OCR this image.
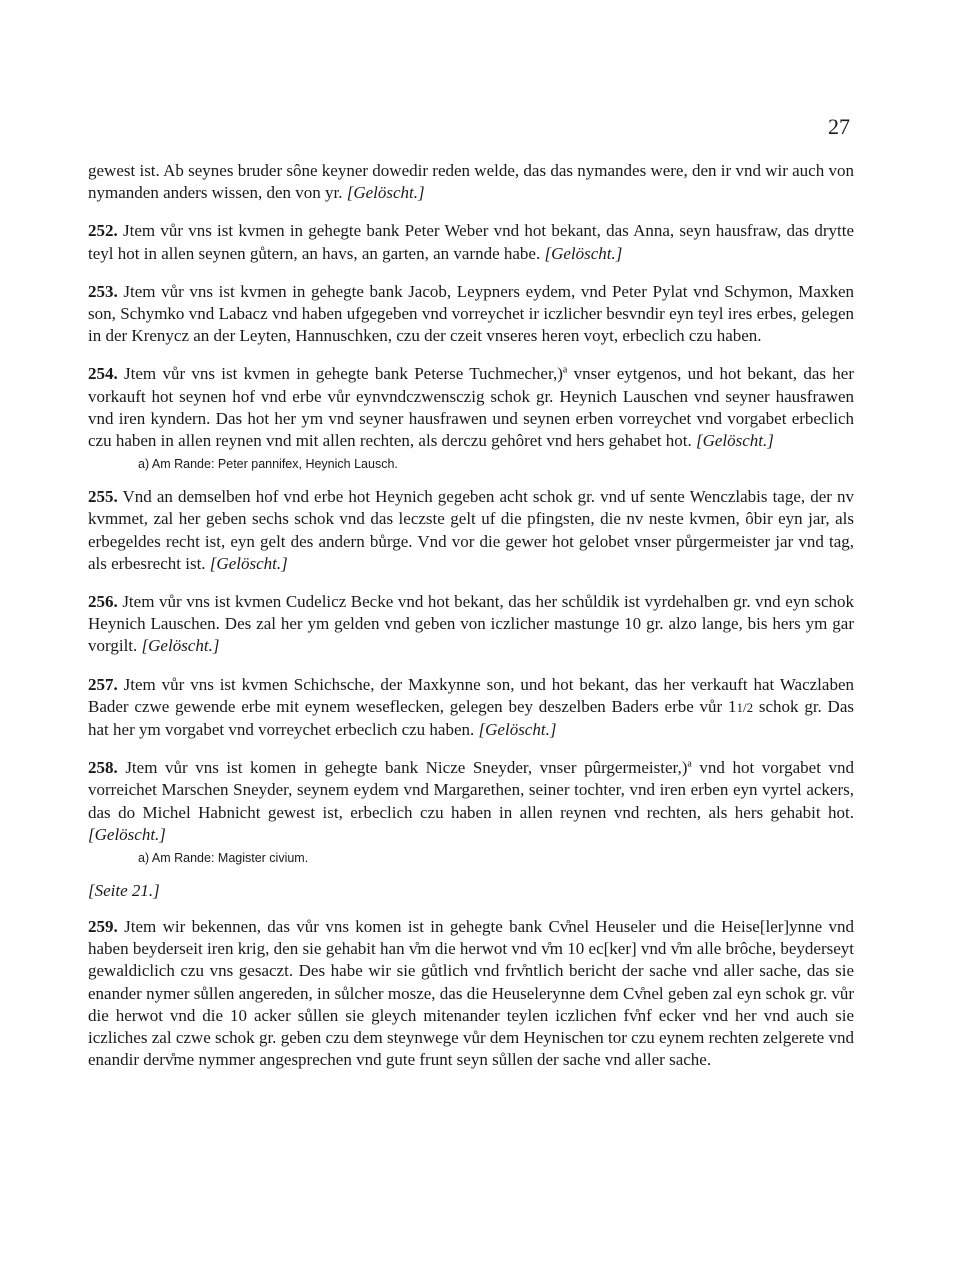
27

gewest ist. Ab seynes bruder sône keyner dowedir reden welde, das das nymandes were, den ir vnd wir auch von nymanden anders wissen, den von yr. [Gelöscht.]

252. Jtem vůr vns ist kvmen in gehegte bank Peter Weber vnd hot bekant, das Anna, seyn hausfraw, das drytte teyl hot in allen seynen gůtern, an havs, an garten, an varnde habe. [Gelöscht.]

253. Jtem vůr vns ist kvmen in gehegte bank Jacob, Leypners eydem, vnd Peter Pylat vnd Schymon, Maxken son, Schymko vnd Labacz vnd haben ufgegeben vnd vorreychet ir iczlicher besvndir eyn teyl ires erbes, gelegen in der Krenycz an der Leyten, Hannuschken, czu der czeit vnseres heren voyt, erbeclich czu haben.

254. Jtem vůr vns ist kvmen in gehegte bank Peterse Tuchmecher,)$^a$ vnser eytgenos, und hot bekant, das her vorkauft hot seynen hof vnd erbe vůr eynvndczwensczig schok gr. Heynich Lauschen vnd seyner hausfrawen vnd iren kyndern. Das hot her ym vnd seyner hausfrawen und seynen erben vorreychet vnd vorgabet erbeclich czu haben in allen reynen vnd mit allen rechten, als derczu gehôret vnd hers gehabet hot. [Gelöscht.]

a) Am Rande: Peter pannifex, Heynich Lausch.

255. Vnd an demselben hof vnd erbe hot Heynich gegeben acht schok gr. vnd uf sente Wenczlabis tage, der nv kvmmet, zal her geben sechs schok vnd das leczste gelt uf die pfingsten, die nv neste kvmen, ôbir eyn jar, als erbegeldes recht ist, eyn gelt des andern bůrge. Vnd vor die gewer hot gelobet vnser půrgermeister jar vnd tag, als erbesrecht ist. [Gelöscht.]

256. Jtem vůr vns ist kvmen Cudelicz Becke vnd hot bekant, das her schůldik ist vyrdehalben gr. vnd eyn schok Heynich Lauschen. Des zal her ym gelden vnd geben von iczlicher mastunge 10 gr. alzo lange, bis hers ym gar vorgilt. [Gelöscht.]

257. Jtem vůr vns ist kvmen Schichsche, der Maxkynne son, und hot bekant, das her verkauft hat Waczlaben Bader czwe gewende erbe mit eynem weseflecken, gelegen bey deszelben Baders erbe vůr 11/2 schok gr. Das hat her ym vorgabet vnd vorreychet erbeclich czu haben. [Gelöscht.]

258. Jtem vůr vns ist komen in gehegte bank Nicze Sneyder, vnser pûrgermeister,)$^a$ vnd hot vorgabet vnd vorreichet Marschen Sneyder, seynem eydem vnd Margarethen, seiner tochter, vnd iren erben eyn vyrtel ackers, das do Michel Habnicht gewest ist, erbeclich czu haben in allen reynen vnd rechten, als hers gehabit hot. [Gelöscht.]

a) Am Rande: Magister civium.

[Seite 21.]

259. Jtem wir bekennen, das vůr vns komen ist in gehegte bank Cv̊nel Heuseler und die Heise[ler]ynne vnd haben beyderseit iren krig, den sie gehabit han v̊m die herwot vnd v̊m 10 ec[ker] vnd v̊m alle brôche, beyderseyt gewaldiclich czu vns gesaczt. Des habe wir sie gůtlich vnd frv̊ntlich bericht der sache vnd aller sache, das sie enander nymer sůllen angereden, in sůlcher mosze, das die Heuselerynne dem Cv̊nel geben zal eyn schok gr. vůr die herwot vnd die 10 acker sůllen sie gleych mitenander teylen iczlichen fv̊nf ecker vnd her vnd auch sie iczliches zal czwe schok gr. geben czu dem steynwege vůr dem Heynischen tor czu eynem rechten zelgerete vnd enandir derv̊me nymmer angesprechen vnd gute frunt seyn sůllen der sache vnd aller sache.
